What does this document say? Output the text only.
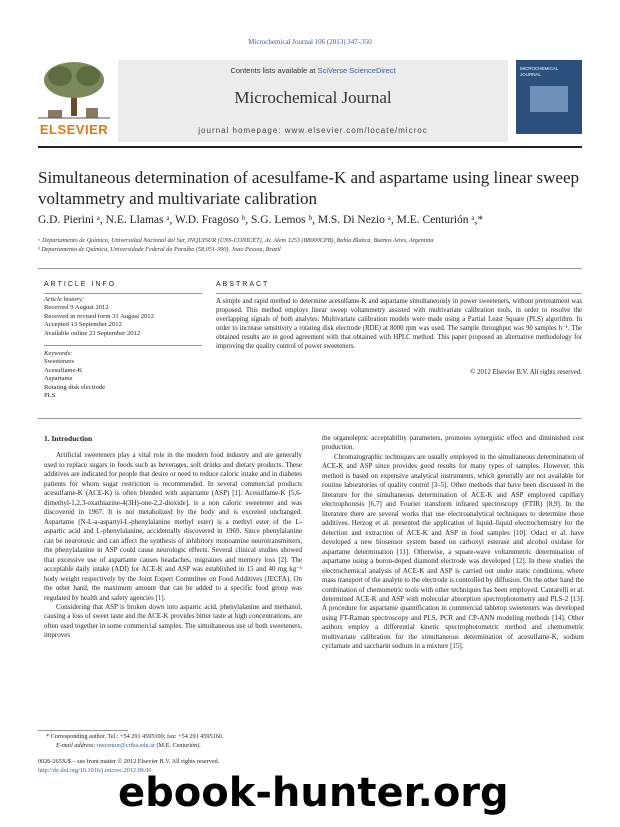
Microchemical Journal 106 (2013) 347–350
ELSEVIER
Contents lists available at SciVerse ScienceDirect
Microchemical Journal
journal homepage: www.elsevier.com/locate/microc
MICROCHEMICAL JOURNAL
Simultaneous determination of acesulfame-K and aspartame using linear sweep
voltammetry and multivariate calibration
G.D. Pierini ᵃ, N.E. Llamas ᵃ, W.D. Fragoso ᵇ, S.G. Lemos ᵇ, M.S. Di Nezio ᵃ, M.E. Centurión ᵃ,*
ᵃ Departamento de Química, Universidad Nacional del Sur, INQUISUR (UNS-CONICET), Av. Alem 1253 (B8000CPB), Bahía Blanca, Buenos Aires, Argentina
ᵇ Departamento de Química, Universidade Federal da Paraíba (58.051-390), Joao Pessoa, Brazil
ARTICLE INFO
Article history:
Received 9 August 2012
Received in revised form 31 August 2012
Accepted 13 September 2012
Available online 23 September 2012
Keywords:
Sweeteners
Acesulfame-K
Aspartame
Rotating disk electrode
PLS
ABSTRACT
A simple and rapid method to determine acesulfame-K and aspartame simultaneously in power sweeteners, without pretreatment was proposed. This method employs linear sweep voltammetry assisted with multivariate calibration tools, in order to resolve the overlapping signals of both analytes. Multivariate calibration models were made using a Partial Least Square (PLS) algorithm. In order to increase sensitivity a rotating disk electrode (RDE) at 8000 rpm was used. The sample throughput was 90 samples h⁻¹. The obtained results are in good agreement with that obtained with HPLC method. This paper proposed an alternative methodology for improving the quality control of power sweeteners.
© 2012 Elsevier B.V. All rights reserved.

1. Introduction

Artificial sweeteners play a vital role in the modern food industry and are generally used to replace sugars in foods such as beverages, soft drinks and dietary products. These additives are indicated for people that desire or need to reduce caloric intake and in diabetes patients for whom sugar restriction is recommended. In several commercial products acesulfame-K (ACE-K) is often blended with aspartame (ASP) [1]. Acesulfame-K [5,6-dimethyl-1,2,3-oxathiazine-4(3H)-one-2,2-dioxide], is a non caloric sweetener and was discovered in 1967. It is not metabolized by the body and is excreted unchanged. Aspartame (N-L-a-aspartyl-L-phenylalanine methyl ester) is a methyl ester of the L-aspartic acid and L-phenylalanine, accidentally discovered in 1969. Since phenylalanine can be neurotoxic and can affect the synthesis of inhibitory monoamine neurotransmitters, the phenylalanine in ASP could cause neurologic effects. Several clinical studies showed that excessive use of aspartame causes headaches, migraines and memory loss [2]. The acceptable daily intake (ADI) for ACE-K and ASP was established in 15 and 40 mg kg⁻¹ body weight respectively by the Joint Expert Committee on Food Additives (JECFA). On the other hand, the maximum amount that can be added to a specific food group was regulated by health and safety agencies [1].

Considering that ASP is broken down into aspartic acid, phenylalanine and methanol, causing a loss of sweet taste and the ACE-K provides bitter taste at high concentrations, are often used together in some commercial samples. The simultaneous use of both sweeteners, improves

the organoleptic acceptability parameters, promotes synergistic effect and diminished cost production.

Chromatographic techniques are usually employed in the simultaneous determination of ACE-K and ASP since provides good results for many types of samples. However, this method is based on expensive analytical instruments, which generally are not available for routine laboratories of quality control [3–5]. Other methods that have been discussed in the literature for the simultaneous determination of ACE-K and ASP employed capillary electrophoresis [6,7] and Fourier transform infrared spectroscopy (FTIR) [8,9]. In the literature there are several works that use electroanalytical techniques to determine these additives. Herzog et al. presented the application of liquid–liquid electrochemistry for the detection and extraction of ACE-K and ASP in food samples [10]. Odaci et al. have developed a new biosensor system based on carboxyl esterase and alcohol oxidase for aspartame determination [11]. Otherwise, a square-wave voltammetric determination of aspartame using a boron-doped diamond electrode was developed [12]. In these studies the electrochemical analysis of ACE-K and ASP is carried out under static conditions, where mass transport of the analyte to the electrode is controlled by diffusion. On the other hand the combination of chemometric tools with other techniques has been employed. Cantarelli et al. determined ACE-K and ASP with molecular absorption spectrophotometry and PLS-2 [13]. A procedure for aspartame quantification in commercial tabletop sweeteners was developed using FT-Raman spectroscopy and PLS, PCR and CP-ANN modeling methods [14]. Other authors employ a differential kinetic spectrophotometric method and chemometric multivariate calibration for the simultaneous determination of acesulfame-K, sodium cyclamate and saccharin sodium in a mixture [15].

* Corresponding author. Tel.: +54 291 4595100; fax: +54 291 4595160.
E-mail address: mecentur@criba.edu.ar (M.E. Centurión).
0026-265X/$ – see front matter © 2012 Elsevier B.V. All rights reserved.
http://dx.doi.org/10.1016/j.microc.2012.09.00
ebook-hunter.org
